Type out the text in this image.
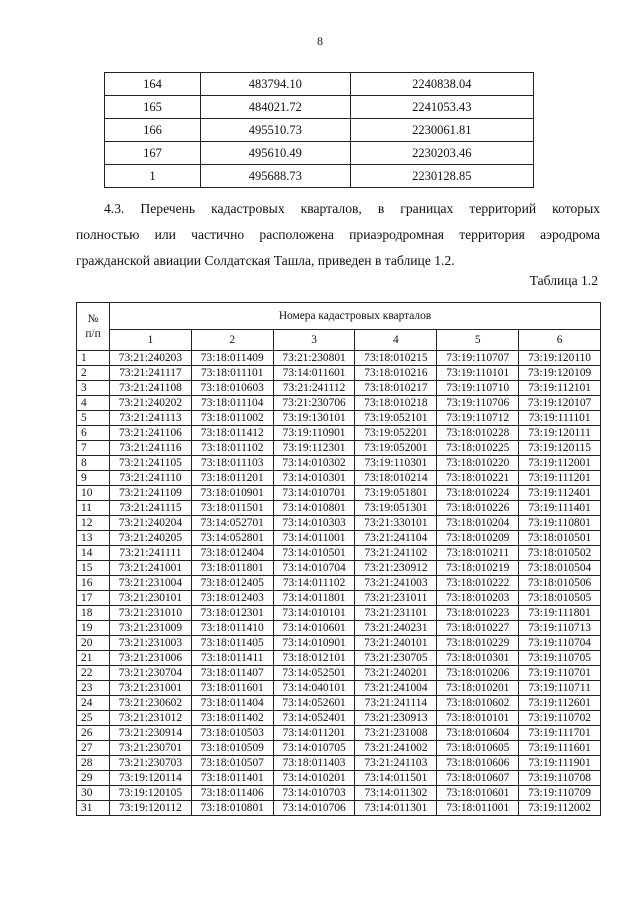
8
164	483794.10	2240838.04
165	484021.72	2241053.43
166	495510.73	2230061.81
167	495610.49	2230203.46
1	495688.73	2230128.85

4.3. Перечень кадастровых кварталов, в границах территорий которых
полностью или частично расположена приаэродромная территория аэродрома
гражданской авиации Солдатская Ташла, приведен в таблице 1.2.

Таблица 1.2
№
п/п	Номера кадастровых кварталов					
	1	2	3	4	5	6
1	73:21:240203	73:18:011409	73:21:230801	73:18:010215	73:19:110707	73:19:120110
2	73:21:241117	73:18:011101	73:14:011601	73:18:010216	73:19:110101	73:19:120109
3	73:21:241108	73:18:010603	73:21:241112	73:18:010217	73:19:110710	73:19:112101
4	73:21:240202	73:18:011104	73:21:230706	73:18:010218	73:19:110706	73:19:120107
5	73:21:241113	73:18:011002	73:19:130101	73:19:052101	73:19:110712	73:19:111101
6	73:21:241106	73:18:011412	73:19:110901	73:19:052201	73:18:010228	73:19:120111
7	73:21:241116	73:18:011102	73:19:112301	73:19:052001	73:18:010225	73:19:120115
8	73:21:241105	73:18:011103	73:14:010302	73:19:110301	73:18:010220	73:19:112001
9	73:21:241110	73:18:011201	73:14:010301	73:18:010214	73:18:010221	73:19:111201
10	73:21:241109	73:18:010901	73:14:010701	73:19:051801	73:18:010224	73:19:112401
11	73:21:241115	73:18:011501	73:14:010801	73:19:051301	73:18:010226	73:19:111401
12	73:21:240204	73:14:052701	73:14:010303	73:21:330101	73:18:010204	73:19:110801
13	73:21:240205	73:14:052801	73:14:011001	73:21:241104	73:18:010209	73:18:010501
14	73:21:241111	73:18:012404	73:14:010501	73:21:241102	73:18:010211	73:18:010502
15	73:21:241001	73:18:011801	73:14:010704	73:21:230912	73:18:010219	73:18:010504
16	73:21:231004	73:18:012405	73:14:011102	73:21:241003	73:18:010222	73:18:010506
17	73:21:230101	73:18:012403	73:14:011801	73:21:231011	73:18:010203	73:18:010505
18	73:21:231010	73:18:012301	73:14:010101	73:21:231101	73:18:010223	73:19:111801
19	73:21:231009	73:18:011410	73:14:010601	73:21:240231	73:18:010227	73:19:110713
20	73:21:231003	73:18:011405	73:14:010901	73:21:240101	73:18:010229	73:19:110704
21	73:21:231006	73:18:011411	73:18:012101	73:21:230705	73:18:010301	73:19:110705
22	73:21:230704	73:18:011407	73:14:052501	73:21:240201	73:18:010206	73:19:110701
23	73:21:231001	73:18:011601	73:14:040101	73:21:241004	73:18:010201	73:19:110711
24	73:21:230602	73:18:011404	73:14:052601	73:21:241114	73:18:010602	73:19:112601
25	73:21:231012	73:18:011402	73:14:052401	73:21:230913	73:18:010101	73:19:110702
26	73:21:230914	73:18:010503	73:14:011201	73:21:231008	73:18:010604	73:19:111701
27	73:21:230701	73:18:010509	73:14:010705	73:21:241002	73:18:010605	73:19:111601
28	73:21:230703	73:18:010507	73:18:011403	73:21:241103	73:18:010606	73:19:111901
29	73:19:120114	73:18:011401	73:14:010201	73:14:011501	73:18:010607	73:19:110708
30	73:19:120105	73:18:011406	73:14:010703	73:14:011302	73:18:010601	73:19:110709
31	73:19:120112	73:18:010801	73:14:010706	73:14:011301	73:18:011001	73:19:112002
